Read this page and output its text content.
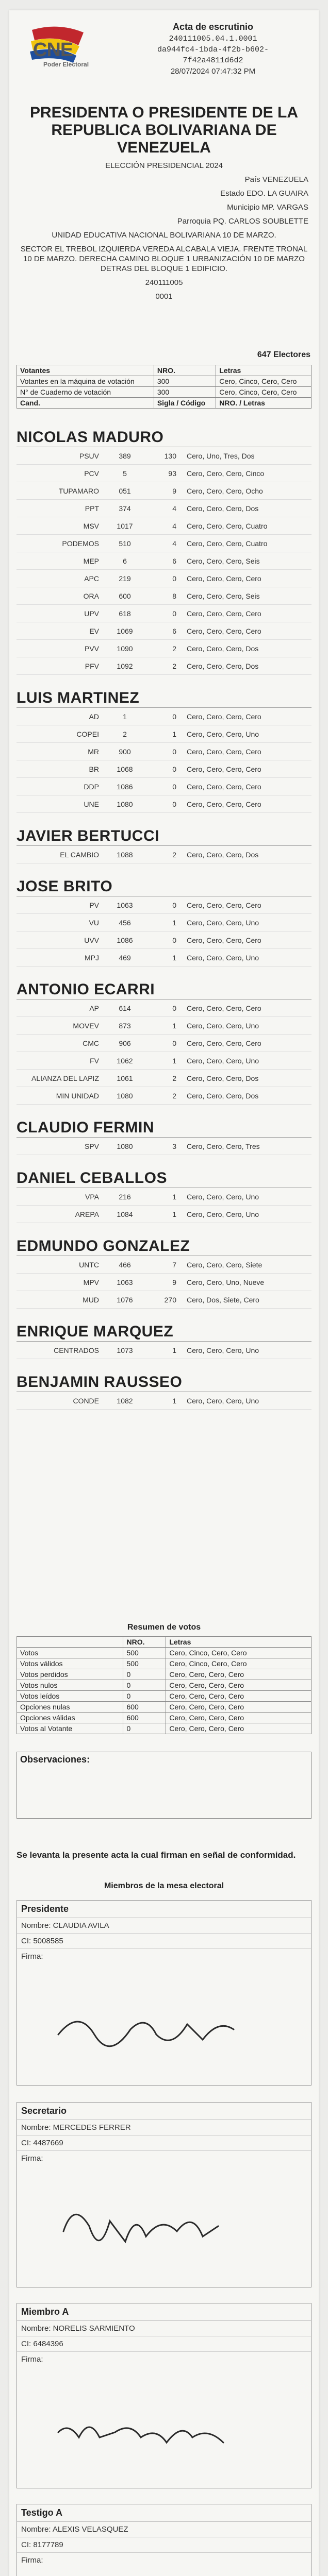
CNE
Poder Electoral
Acta de escrutinio
240111005.04.1.0001
da944fc4-1bda-4f2b-b602-
7f42a4811d6d2
28/07/2024 07:47:32 PM
PRESIDENTA O PRESIDENTE DE LA REPUBLICA BOLIVARIANA DE VENEZUELA
ELECCIÓN PRESIDENCIAL 2024
País VENEZUELA
Estado EDO. LA GUAIRA
Municipio MP. VARGAS
Parroquia PQ. CARLOS SOUBLETTE
UNIDAD EDUCATIVA NACIONAL BOLIVARIANA 10 DE MARZO.
SECTOR EL TREBOL IZQUIERDA VEREDA ALCABALA VIEJA. FRENTE TRONAL 10 DE MARZO. DERECHA CAMINO BLOQUE 1 URBANIZACIÓN 10 DE MARZO DETRAS DEL BLOQUE 1 EDIFICIO.
240111005
0001
647 Electores
Votantes	NRO.	Letras
Votantes en la máquina de votación	300	Cero, Cinco, Cero, Cero
N° de Cuaderno de votación	300	Cero, Cinco, Cero, Cero
Cand.	Sigla / Código	NRO. / Letras
NICOLAS MADURO
PSUV	389	130 Cero, Uno, Tres, Dos
PCV	5	93 Cero, Cero, Cero, Cinco
TUPAMARO	051	9 Cero, Cero, Cero, Ocho
PPT	374	4 Cero, Cero, Cero, Dos
MSV	1017	4 Cero, Cero, Cero, Cuatro
PODEMOS	510	4 Cero, Cero, Cero, Cuatro
MEP	6	6 Cero, Cero, Cero, Seis
APC	219	0 Cero, Cero, Cero, Cero
ORA	600	8 Cero, Cero, Cero, Seis
UPV	618	0 Cero, Cero, Cero, Cero
EV	1069	6 Cero, Cero, Cero, Cero
PVV	1090	2 Cero, Cero, Cero, Dos
PFV	1092	2 Cero, Cero, Cero, Dos
LUIS MARTINEZ
AD	1	0 Cero, Cero, Cero, Cero
COPEI	2	1 Cero, Cero, Cero, Uno
MR	900	0 Cero, Cero, Cero, Cero
BR	1068	0 Cero, Cero, Cero, Cero
DDP	1086	0 Cero, Cero, Cero, Cero
UNE	1080	0 Cero, Cero, Cero, Cero
JAVIER BERTUCCI
EL CAMBIO	1088	2 Cero, Cero, Cero, Dos
JOSE BRITO
PV	1063	0 Cero, Cero, Cero, Cero
VU	456	1 Cero, Cero, Cero, Uno
UVV	1086	0 Cero, Cero, Cero, Cero
MPJ	469	1 Cero, Cero, Cero, Uno
ANTONIO ECARRI
AP	614	0 Cero, Cero, Cero, Cero
MOVEV	873	1 Cero, Cero, Cero, Uno
CMC	906	0 Cero, Cero, Cero, Cero
FV	1062	1 Cero, Cero, Cero, Uno
ALIANZA DEL LAPIZ	1061	2 Cero, Cero, Cero, Dos
MIN UNIDAD	1080	2 Cero, Cero, Cero, Dos
CLAUDIO FERMIN
SPV	1080	3 Cero, Cero, Cero, Tres
DANIEL CEBALLOS
VPA	216	1 Cero, Cero, Cero, Uno
AREPA	1084	1 Cero, Cero, Cero, Uno
EDMUNDO GONZALEZ
UNTC	466	7 Cero, Cero, Cero, Siete
MPV	1063	9 Cero, Cero, Uno, Nueve
MUD	1076	270 Cero, Dos, Siete, Cero
ENRIQUE MARQUEZ
CENTRADOS	1073	1 Cero, Cero, Cero, Uno
BENJAMIN RAUSSEO
CONDE	1082	1 Cero, Cero, Cero, Uno
Resumen de votos
	NRO.	Letras
Votos	500	Cero, Cinco, Cero, Cero
Votos válidos	500	Cero, Cinco, Cero, Cero
Votos perdidos	0	Cero, Cero, Cero, Cero
Votos nulos	0	Cero, Cero, Cero, Cero
Votos leídos	0	Cero, Cero, Cero, Cero
Opciones nulas	600	Cero, Cero, Cero, Cero
Opciones válidas	600	Cero, Cero, Cero, Cero
Votos al Votante	0	Cero, Cero, Cero, Cero
Observaciones:
Se levanta la presente acta la cual firman en señal de conformidad.
Miembros de la mesa electoral
Presidente
Nombre: CLAUDIA AVILA
CI: 5008585
Firma:
Secretario
Nombre: MERCEDES FERRER
CI: 4487669
Firma:
Miembro A
Nombre: NORELIS SARMIENTO
CI: 6484396
Firma:
Testigo A
Nombre: ALEXIS VELASQUEZ
CI: 8177789
Firma:
